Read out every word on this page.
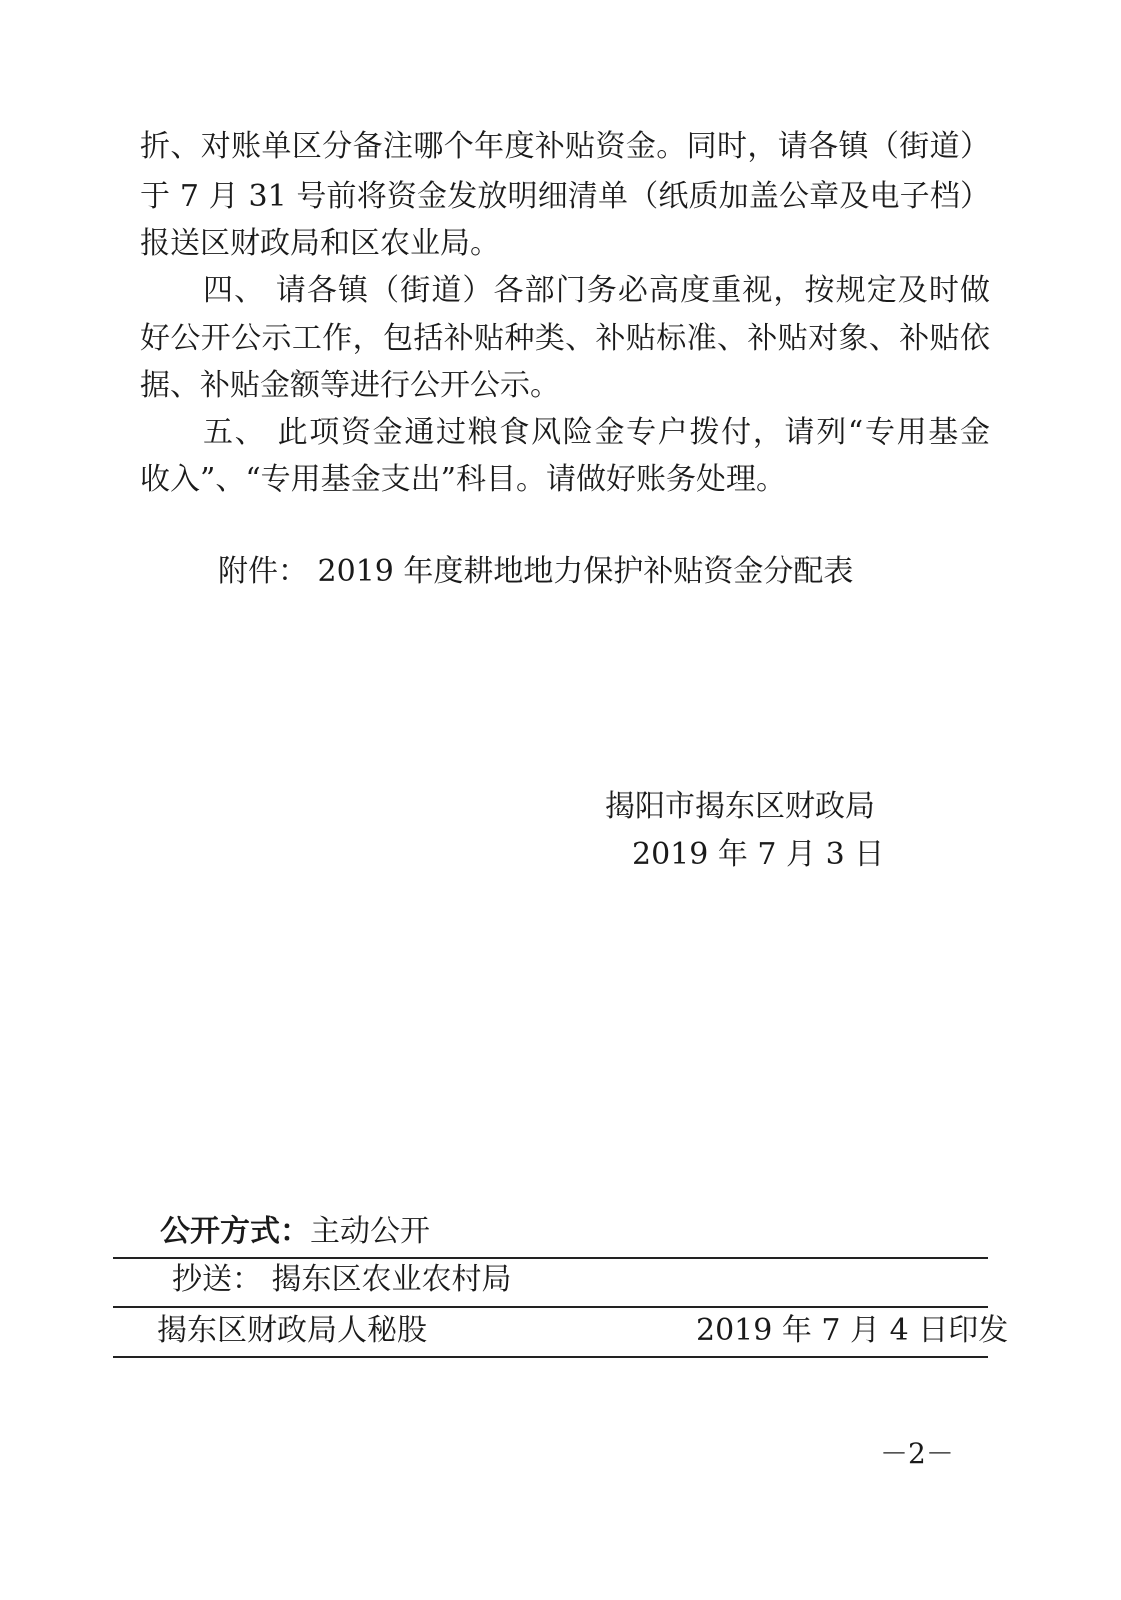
折、对账单区分备注哪个年度补贴资金。同时，请各镇（街道）
于 7 月 31 号前将资金发放明细清单（纸质加盖公章及电子档）
报送区财政局和区农业局。
四、 请各镇（街道）各部门务必高度重视，按规定及时做
好公开公示工作，包括补贴种类、补贴标准、补贴对象、补贴依
据、补贴金额等进行公开公示。
五、 此项资金通过粮食风险金专户拨付，请列“专用基金
收入”、“专用基金支出”科目。请做好账务处理。
附件： 2019 年度耕地地力保护补贴资金分配表
揭阳市揭东区财政局
2019 年 7 月 3 日
公开方式：主动公开
抄送： 揭东区农业农村局
揭东区财政局人秘股	2019 年 7 月 4 日印发
－2－
